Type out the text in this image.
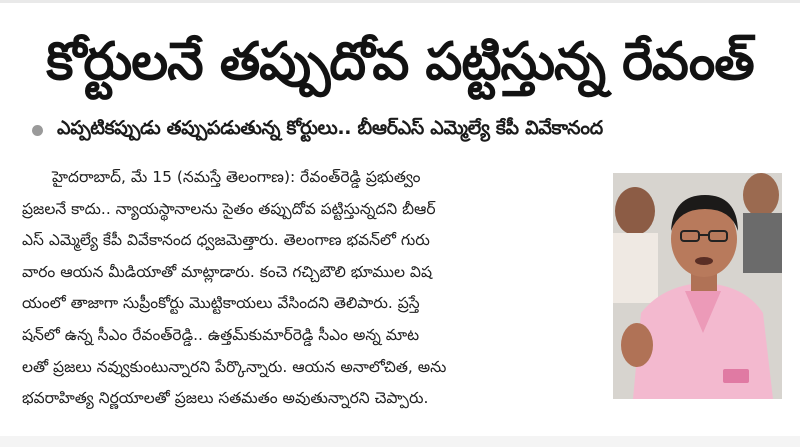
కోర్టులనే తప్పుదోవ పట్టిస్తున్న రేవంత్
ఎప్పటికప్పుడు తప్పుపడుతున్న కోర్టులు.. బీఆర్ఎస్ ఎమ్మెల్యే కేపీ వివేకానంద
హైదరాబాద్, మే 15 (నమస్తే తెలంగాణ): రేవంత్‌రెడ్డి ప్రభుత్వం
ప్రజలనే కాదు.. న్యాయస్థానాలను సైతం తప్పుదోవ పట్టిస్తున్నదని బీఆర్
ఎస్ ఎమ్మెల్యే కేపీ వివేకానంద ధ్వజమెత్తారు. తెలంగాణ భవన్‌లో గురు
వారం ఆయన మీడియాతో మాట్లాడారు. కంచె గచ్చిబౌలి భూముల విష
యంలో తాజాగా సుప్రీంకోర్టు మొట్టికాయలు వేసిందని తెలిపారు. ప్రస్తే
షన్‌లో ఉన్న సీఎం రేవంత్‌రెడ్డి.. ఉత్తమ్‌కుమార్‌రెడ్డి సీఎం అన్న మాట
లతో ప్రజలు నవ్వుకుంటున్నారని పేర్కొన్నారు. ఆయన అనాలోచిత, అను
భవరాహిత్య నిర్ణయాలతో ప్రజలు సతమతం అవుతున్నారని చెప్పారు.
